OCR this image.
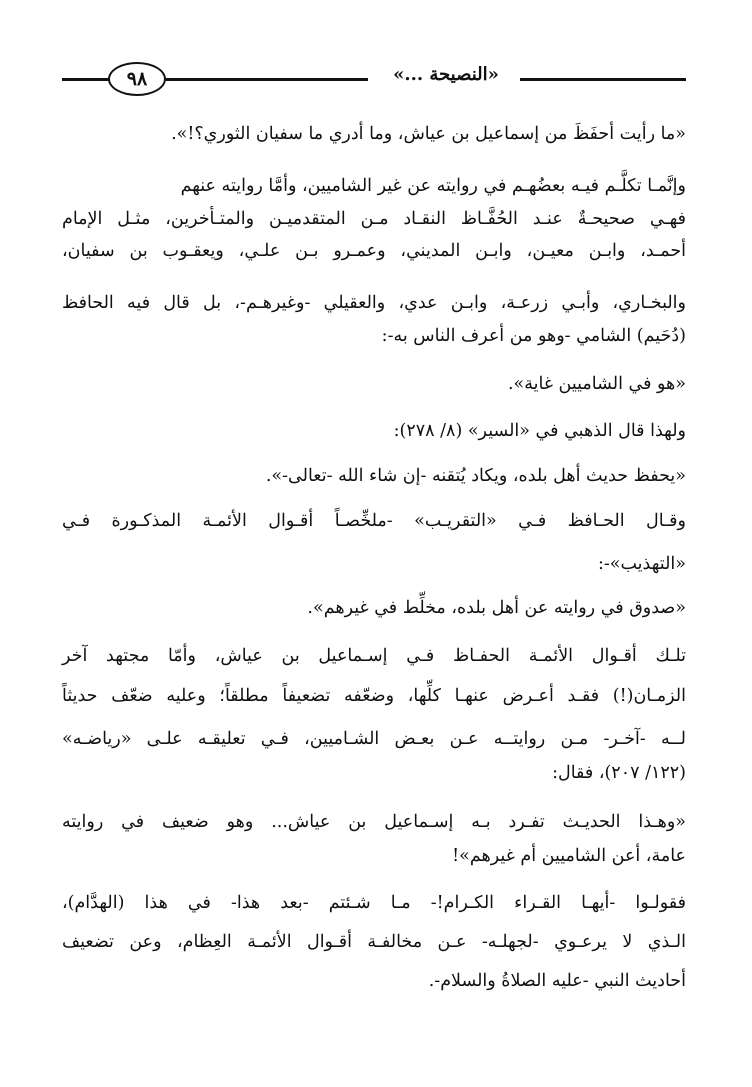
٩٨	«النصيحة ...»
«ما رأيت أحفَظَ من إسماعيل بن عياش، وما أدري ما سفيان الثوري؟!».
وإنَّمـا تكلَّـم فيـه بعضُهـم في روايته عن غير الشاميين، وأمَّا روايته عنهم
فهـي صحيحـةٌ عنـد الحُفَّـاظ النقـاد مـن المتقدميـن والمتـأخرين، مثـل الإمام
أحمـد، وابـن معيـن، وابـن المديني، وعمـرو بـن علـي، ويعقـوب بن سفيان،
والبخـاري، وأبـي زرعـة، وابـن عدي، والعقيلي -وغيرهـم-، بل قال فيه الحافظ
(دُحَيم) الشامي -وهو من أعرف الناس به-:
«هو في الشاميين غاية».
ولهذا قال الذهبي في «السير» (٨/ ٢٧٨):
«يحفظ حديث أهل بلده، ويكاد يُتقنه -إن شاء الله -تعالى-».
وقـال الحـافظ فـي «التقريـب» -ملخِّصـاً أقـوال الأئمـة المذكـورة فـي
«التهذيب»-:
«صدوق في روايته عن أهل بلده، مخلِّط في غيرهم».
تلـك أقـوال الأئمـة الحفـاظ فـي إسـماعيل بن عياش، وأمّا مجتهد آخر
الزمـان(!) فقـد أعـرض عنهـا كلِّها، وضعّفه تضعيفاً مطلقاً؛ وعليه ضعّف حديثاً
لــه -آخـر- مـن روايتــه عـن بعـض الشـاميين، فـي تعليقـه علـى «رياضـه»
(١٢٢/ ٢٠٧)، فقال:
«وهـذا الحديـث تفـرد بـه إسـماعيل بن عياش... وهو ضعيف في روايته
عامة، أعن الشاميين أم غيرهم»!
فقولـوا -أيهـا القـراء الكـرام!- مـا شـئتم -بعد هذا- في هذا (الهدَّام)،
الـذي لا يرعـوي -لجهلـه- عـن مخالفـة أقـوال الأئمـة العِظام، وعن تضعيف
أحاديث النبي -عليه الصلاةُ والسلام-.
